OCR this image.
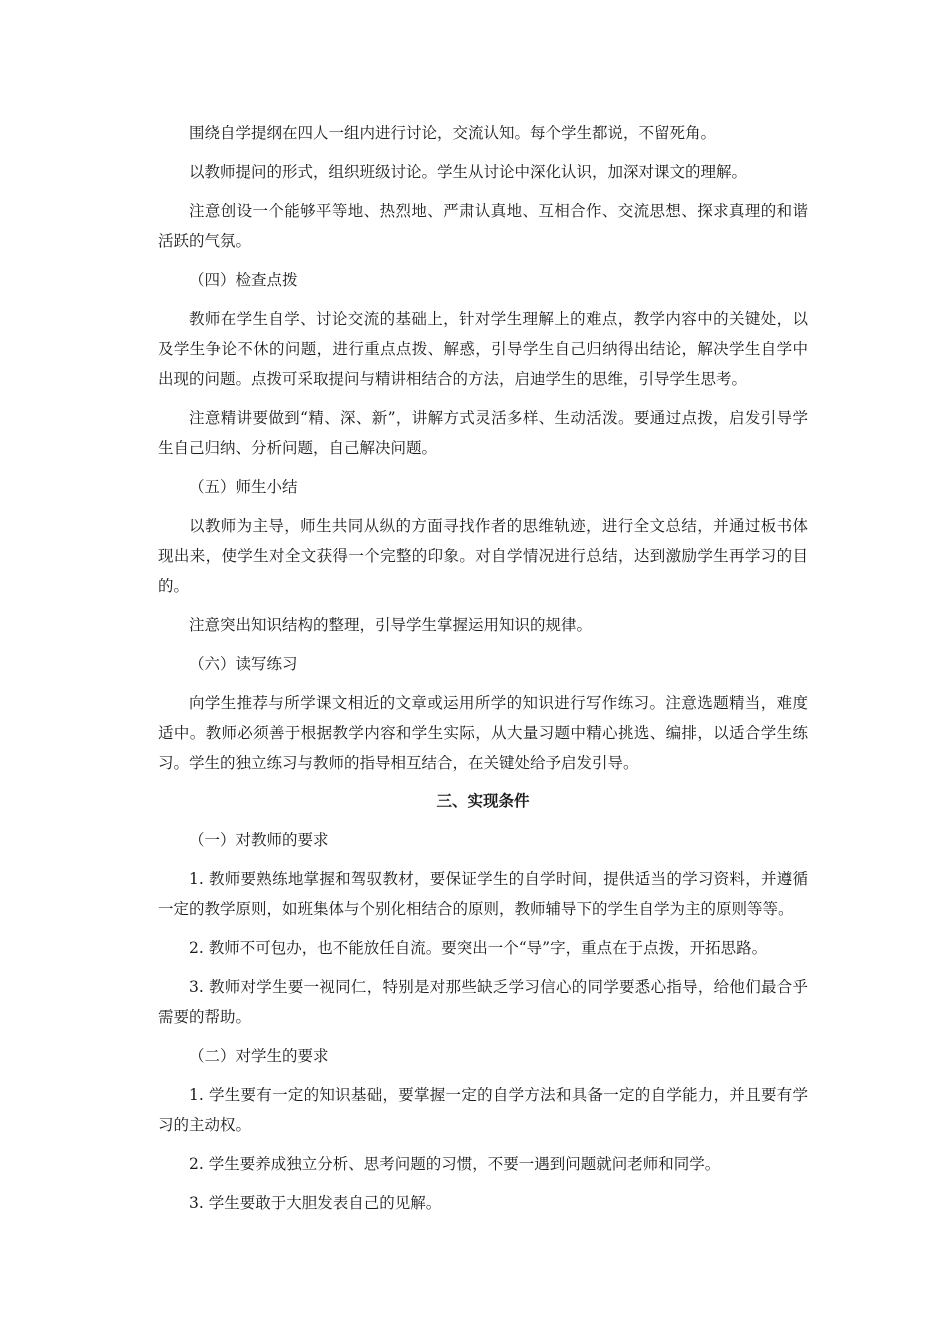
围绕自学提纲在四人一组内进行讨论，交流认知。每个学生都说，不留死角。

以教师提问的形式，组织班级讨论。学生从讨论中深化认识，加深对课文的理解。

注意创设一个能够平等地、热烈地、严肃认真地、互相合作、交流思想、探求真理的和谐活跃的气氛。

（四）检查点拨

教师在学生自学、讨论交流的基础上，针对学生理解上的难点，教学内容中的关键处，以及学生争论不休的问题，进行重点点拨、解惑，引导学生自己归纳得出结论，解决学生自学中出现的问题。点拨可采取提问与精讲相结合的方法，启迪学生的思维，引导学生思考。

注意精讲要做到“精、深、新”，讲解方式灵活多样、生动活泼。要通过点拨，启发引导学生自己归纳、分析问题，自己解决问题。

（五）师生小结

以教师为主导，师生共同从纵的方面寻找作者的思维轨迹，进行全文总结，并通过板书体现出来，使学生对全文获得一个完整的印象。对自学情况进行总结，达到激励学生再学习的目的。

注意突出知识结构的整理，引导学生掌握运用知识的规律。

（六）读写练习

向学生推荐与所学课文相近的文章或运用所学的知识进行写作练习。注意选题精当，难度适中。教师必须善于根据教学内容和学生实际，从大量习题中精心挑选、编排，以适合学生练习。学生的独立练习与教师的指导相互结合，在关键处给予启发引导。

三、实现条件

（一）对教师的要求

1. 教师要熟练地掌握和驾驭教材，要保证学生的自学时间，提供适当的学习资料，并遵循一定的教学原则，如班集体与个别化相结合的原则，教师辅导下的学生自学为主的原则等等。

2. 教师不可包办，也不能放任自流。要突出一个“导”字，重点在于点拨，开拓思路。

3. 教师对学生要一视同仁，特别是对那些缺乏学习信心的同学要悉心指导，给他们最合乎需要的帮助。

（二）对学生的要求

1. 学生要有一定的知识基础，要掌握一定的自学方法和具备一定的自学能力，并且要有学习的主动权。

2. 学生要养成独立分析、思考问题的习惯，不要一遇到问题就问老师和同学。

3. 学生要敢于大胆发表自己的见解。
